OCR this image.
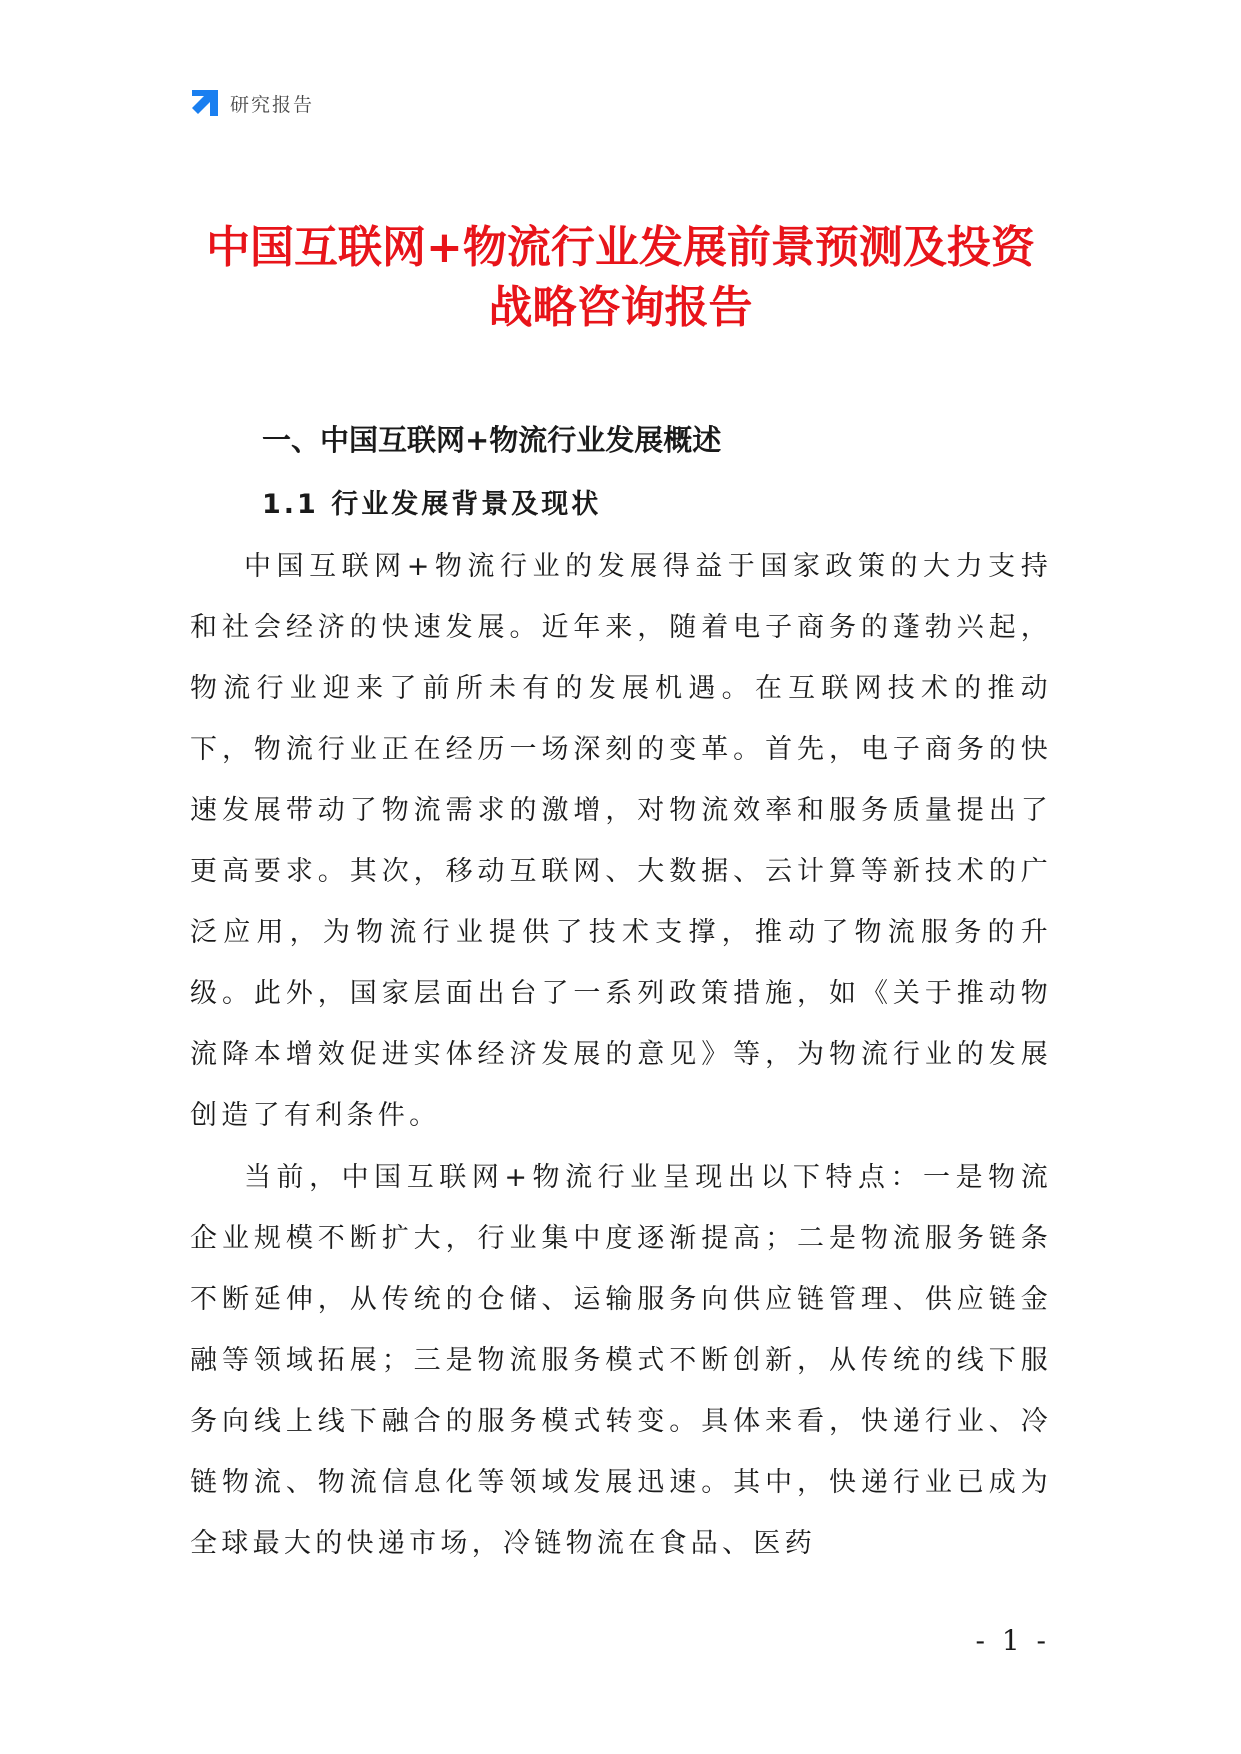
研究报告
中国互联网+物流行业发展前景预测及投资
战略咨询报告
一、中国互联网+物流行业发展概述
1.1 行业发展背景及现状

中国互联网+物流行业的发展得益于国家政策的大力支持和社会经济的快速发展。近年来，随着电子商务的蓬勃兴起，物流行业迎来了前所未有的发展机遇。在互联网技术的推动下，物流行业正在经历一场深刻的变革。首先，电子商务的快速发展带动了物流需求的激增，对物流效率和服务质量提出了更高要求。其次，移动互联网、大数据、云计算等新技术的广泛应用，为物流行业提供了技术支撑，推动了物流服务的升级。此外，国家层面出台了一系列政策措施，如《关于推动物流降本增效促进实体经济发展的意见》等，为物流行业的发展创造了有利条件。

当前，中国互联网+物流行业呈现出以下特点：一是物流企业规模不断扩大，行业集中度逐渐提高；二是物流服务链条不断延伸，从传统的仓储、运输服务向供应链管理、供应链金融等领域拓展；三是物流服务模式不断创新，从传统的线下服务向线上线下融合的服务模式转变。具体来看，快递行业、冷链物流、物流信息化等领域发展迅速。其中，快递行业已成为全球最大的快递市场，冷链物流在食品、医药

- 1 -
